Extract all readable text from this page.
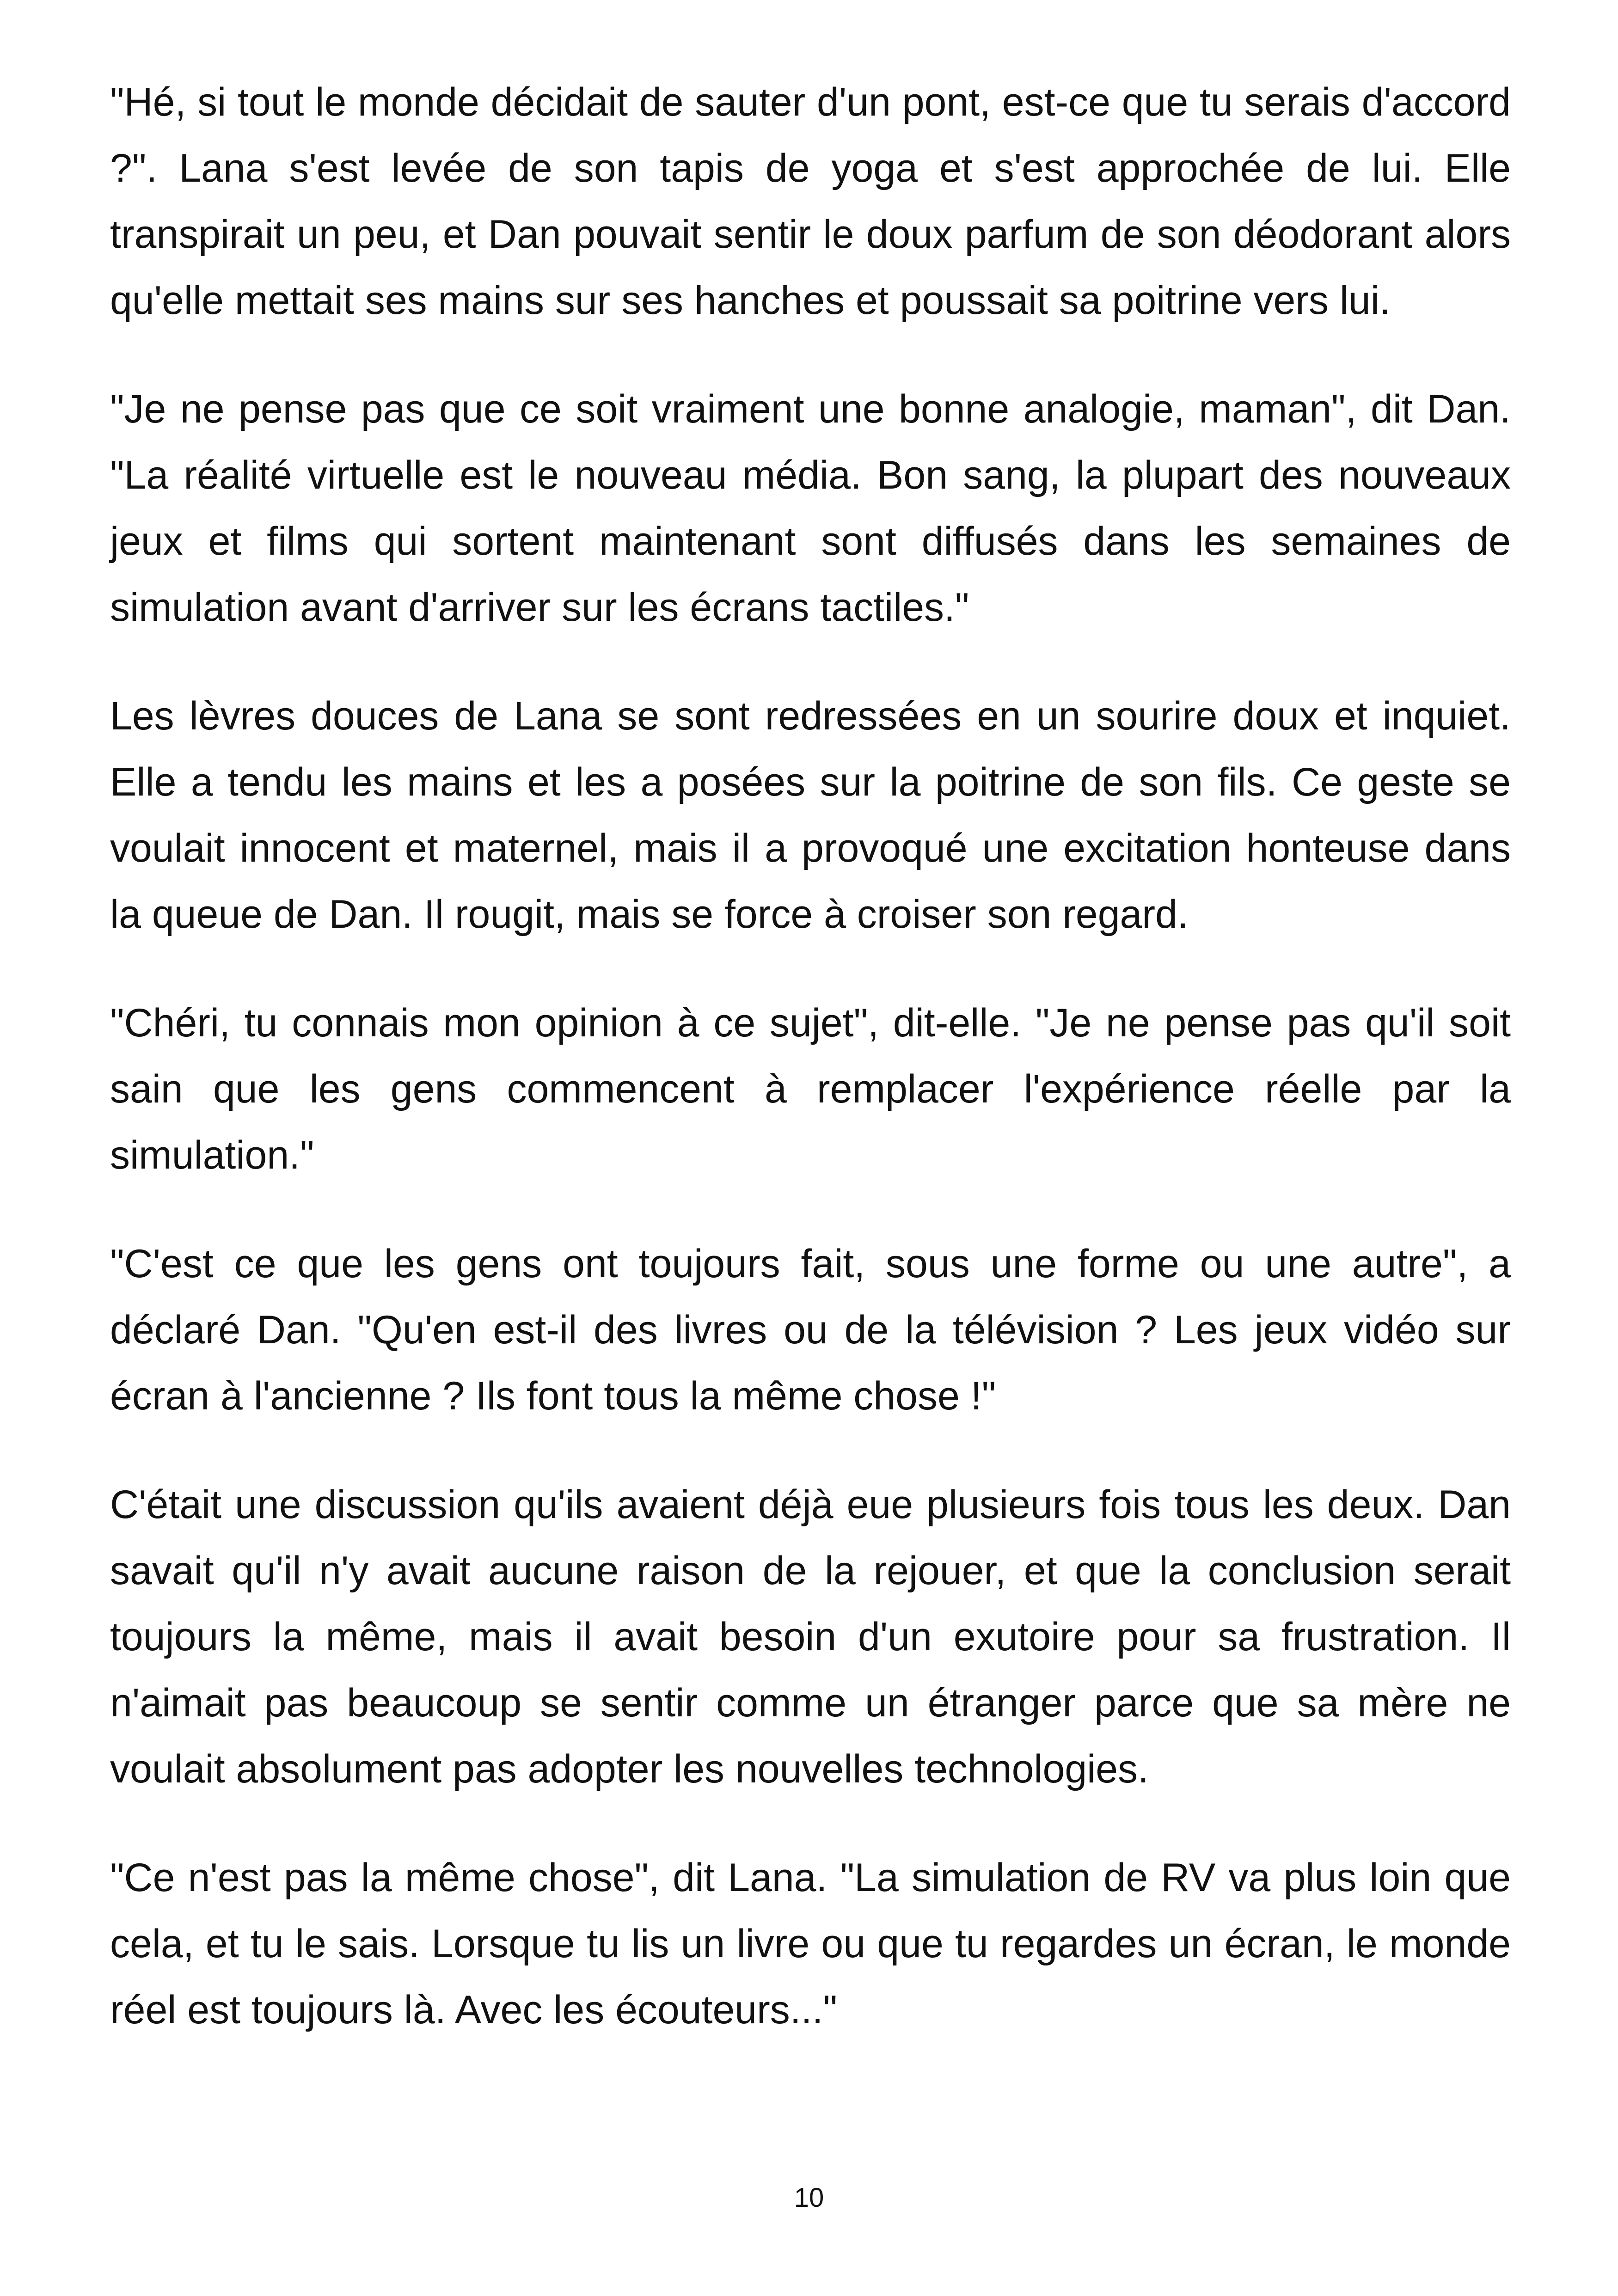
"Hé, si tout le monde décidait de sauter d'un pont, est-ce que tu serais d'accord ?". Lana s'est levée de son tapis de yoga et s'est approchée de lui. Elle transpirait un peu, et Dan pouvait sentir le doux parfum de son déodorant alors qu'elle mettait ses mains sur ses hanches et poussait sa poitrine vers lui.

"Je ne pense pas que ce soit vraiment une bonne analogie, maman", dit Dan. "La réalité virtuelle est le nouveau média. Bon sang, la plupart des nouveaux jeux et films qui sortent maintenant sont diffusés dans les semaines de simulation avant d'arriver sur les écrans tactiles."

Les lèvres douces de Lana se sont redressées en un sourire doux et inquiet. Elle a tendu les mains et les a posées sur la poitrine de son fils. Ce geste se voulait innocent et maternel, mais il a provoqué une excitation honteuse dans la queue de Dan. Il rougit, mais se force à croiser son regard.

"Chéri, tu connais mon opinion à ce sujet", dit-elle. "Je ne pense pas qu'il soit sain que les gens commencent à remplacer l'expérience réelle par la simulation."

"C'est ce que les gens ont toujours fait, sous une forme ou une autre", a déclaré Dan. "Qu'en est-il des livres ou de la télévision ? Les jeux vidéo sur écran à l'ancienne ? Ils font tous la même chose !"

C'était une discussion qu'ils avaient déjà eue plusieurs fois tous les deux. Dan savait qu'il n'y avait aucune raison de la rejouer, et que la conclusion serait toujours la même, mais il avait besoin d'un exutoire pour sa frustration. Il n'aimait pas beaucoup se sentir comme un étranger parce que sa mère ne voulait absolument pas adopter les nouvelles technologies.

"Ce n'est pas la même chose", dit Lana. "La simulation de RV va plus loin que cela, et tu le sais. Lorsque tu lis un livre ou que tu regardes un écran, le monde réel est toujours là. Avec les écouteurs..."

10
